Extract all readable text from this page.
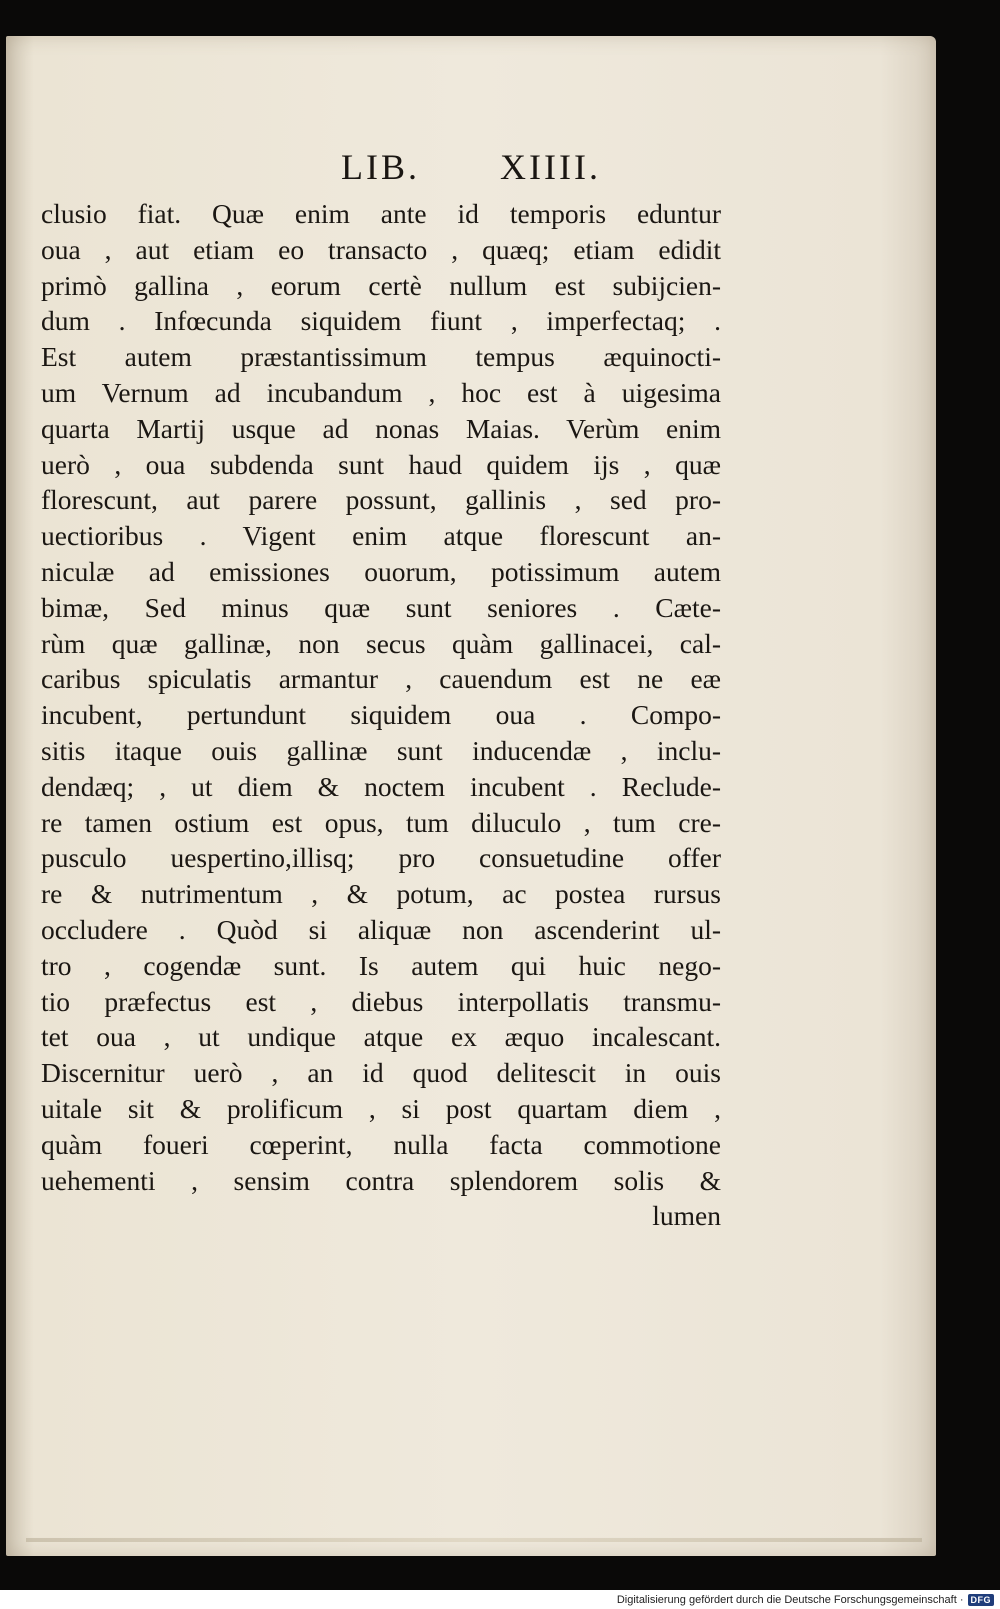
LIB. XIIII.
clusio fiat. Quæ enim ante id temporis eduntur
oua , aut etiam eo transacto , quæq; etiam edidit
primò gallina , eorum certè nullum est subijcien-
dum . Infœcunda siquidem fiunt , imperfectaq; .
Est autem præstantissimum tempus æquinocti-
um Vernum ad incubandum , hoc est à uigesima
quarta Martij usque ad nonas Maias. Verùm enim
uerò , oua subdenda sunt haud quidem ijs , quæ
florescunt, aut parere possunt, gallinis , sed pro-
uectioribus . Vigent enim atque florescunt an-
niculæ ad emissiones ouorum, potissimum autem
bimæ, Sed minus quæ sunt seniores . Cæte-
rùm quæ gallinæ, non secus quàm gallinacei, cal-
caribus spiculatis armantur , cauendum est ne eæ
incubent, pertundunt siquidem oua . Compo-
sitis itaque ouis gallinæ sunt inducendæ , inclu-
dendæq; , ut diem & noctem incubent . Reclude-
re tamen ostium est opus, tum diluculo , tum cre-
pusculo uespertino,illisq; pro consuetudine offer
re & nutrimentum , & potum, ac postea rursus
occludere . Quòd si aliquæ non ascenderint ul-
tro , cogendæ sunt. Is autem qui huic nego-
tio præfectus est , diebus interpollatis transmu-
tet oua , ut undique atque ex æquo incalescant.
Discernitur uerò , an id quod delitescit in ouis
uitale sit & prolificum , si post quartam diem ,
quàm foueri cœperint, nulla facta commotione
uehementi , sensim contra splendorem solis &
lumen
Digitalisierung gefördert durch die Deutsche Forschungsgemeinschaft · DFG
